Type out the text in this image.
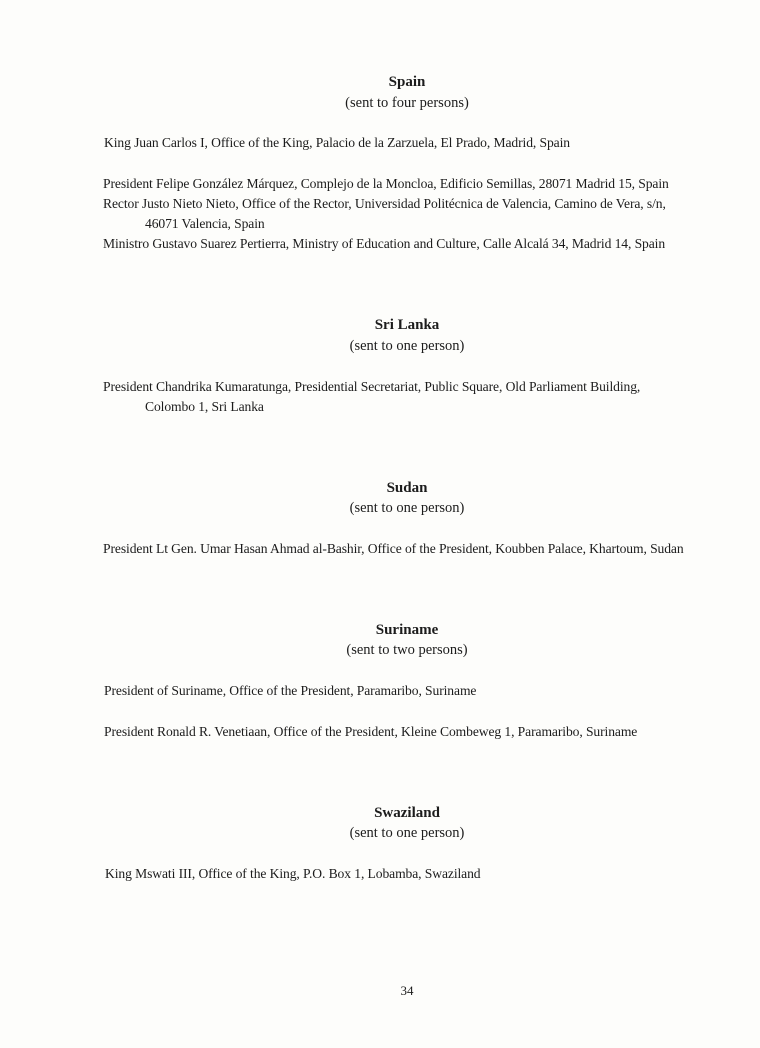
Spain
(sent to four persons)
King Juan Carlos I, Office of the King, Palacio de la Zarzuela, El Prado, Madrid, Spain
President Felipe González Márquez, Complejo de la Moncloa, Edificio Semillas, 28071 Madrid 15, Spain
Rector Justo Nieto Nieto, Office of the Rector, Universidad Politécnica de Valencia, Camino de Vera, s/n,
46071 Valencia, Spain
Ministro Gustavo Suarez Pertierra, Ministry of Education and Culture, Calle Alcalá 34, Madrid 14, Spain
Sri Lanka
(sent to one person)
President Chandrika Kumaratunga, Presidential Secretariat, Public Square, Old Parliament Building,
Colombo 1, Sri Lanka
Sudan
(sent to one person)
President Lt Gen. Umar Hasan Ahmad al-Bashir, Office of the President, Koubben Palace, Khartoum, Sudan
Suriname
(sent to two persons)
President of Suriname, Office of the President, Paramaribo, Suriname
President Ronald R. Venetiaan, Office of the President, Kleine Combeweg 1, Paramaribo, Suriname
Swaziland
(sent to one person)
King Mswati III, Office of the King, P.O. Box 1, Lobamba, Swaziland
34
